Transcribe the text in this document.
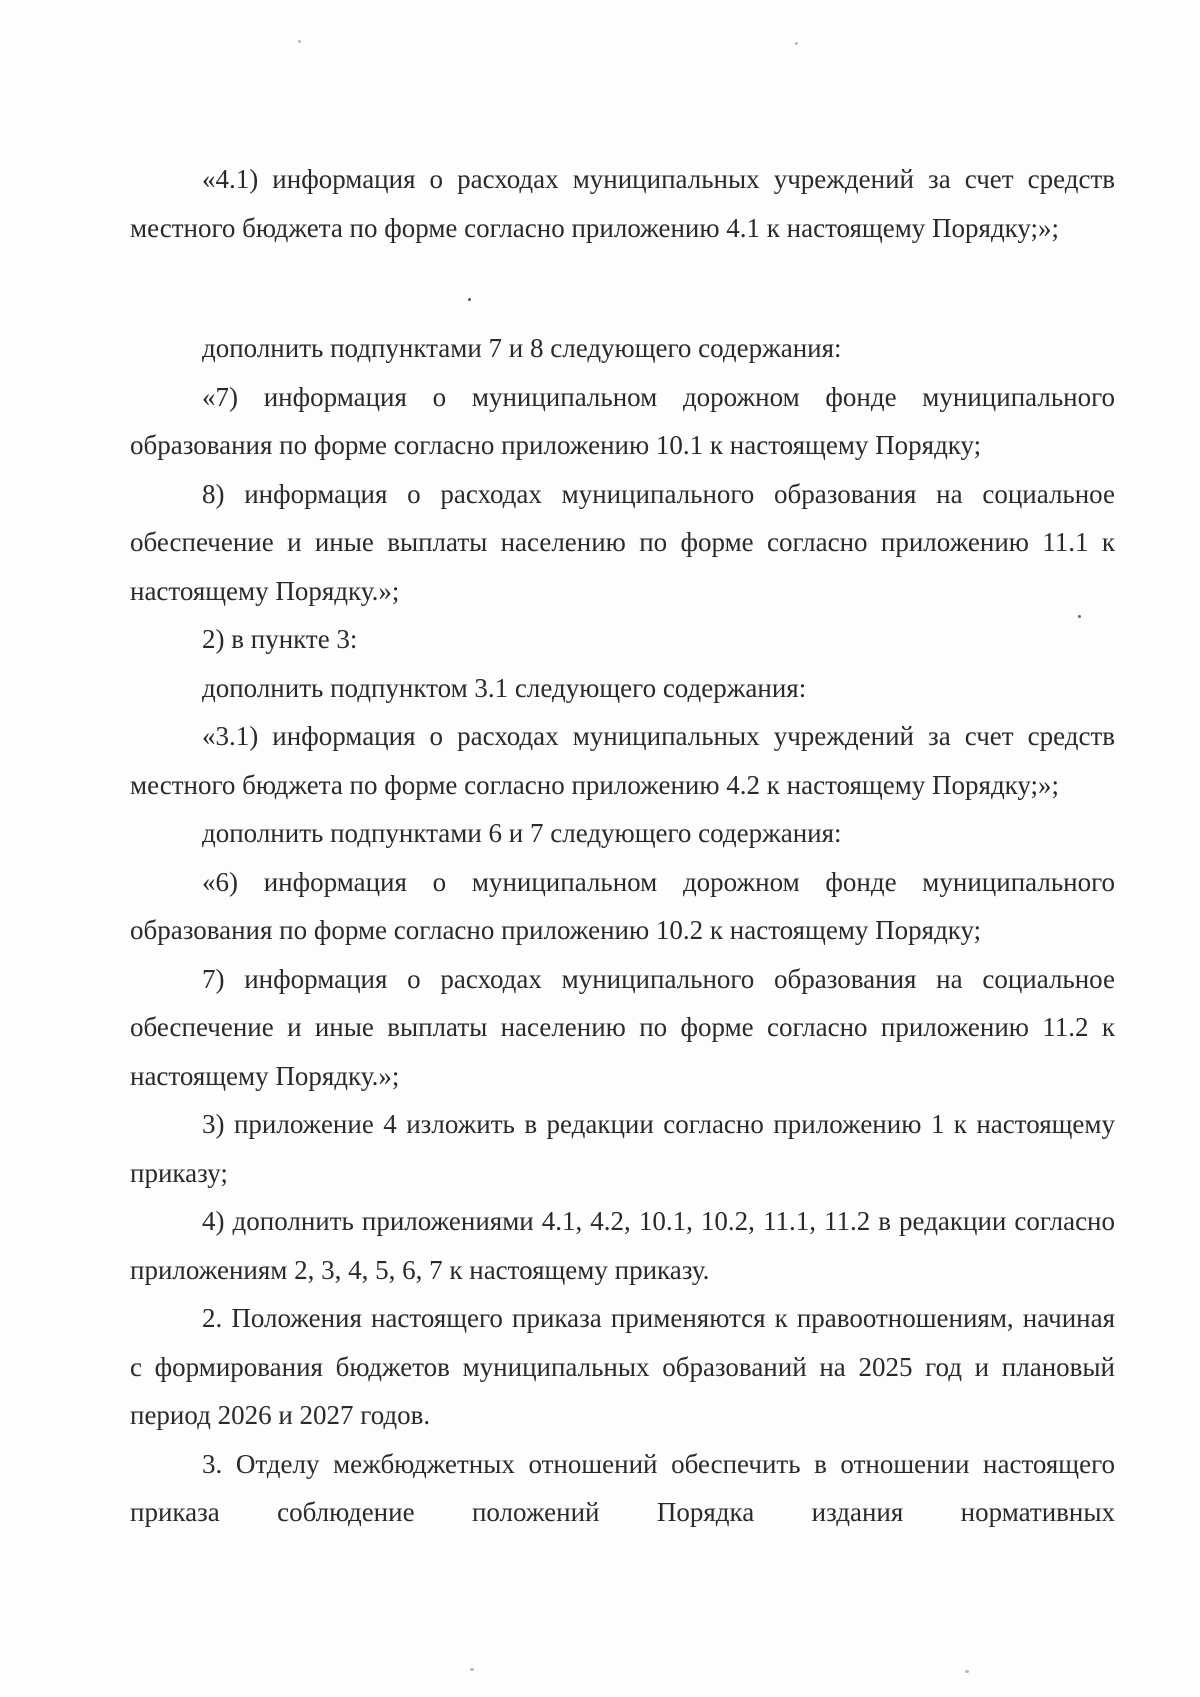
«4.1) информация о расходах муниципальных учреждений за счет средств местного бюджета по форме согласно приложению 4.1 к настоящему Порядку;»;

дополнить подпунктами 7 и 8 следующего содержания:

«7) информация о муниципальном дорожном фонде муниципального образования по форме согласно приложению 10.1 к настоящему Порядку;

8) информация о расходах муниципального образования на социальное обеспечение и иные выплаты населению по форме согласно приложению 11.1 к настоящему Порядку.»;

2) в пункте 3:

дополнить подпунктом 3.1 следующего содержания:

«3.1) информация о расходах муниципальных учреждений за счет средств местного бюджета по форме согласно приложению 4.2 к настоящему Порядку;»;

дополнить подпунктами 6 и 7 следующего содержания:

«6) информация о муниципальном дорожном фонде муниципального образования по форме согласно приложению 10.2 к настоящему Порядку;

7) информация о расходах муниципального образования на социальное обеспечение и иные выплаты населению по форме согласно приложению 11.2 к настоящему Порядку.»;

3) приложение 4 изложить в редакции согласно приложению 1 к настоящему приказу;

4) дополнить приложениями 4.1, 4.2, 10.1, 10.2, 11.1, 11.2 в редакции согласно приложениям 2, 3, 4, 5, 6, 7 к настоящему приказу.

2. Положения настоящего приказа применяются к правоотношениям, начиная с формирования бюджетов муниципальных образований на 2025 год и плановый период 2026 и 2027 годов.

3. Отделу межбюджетных отношений обеспечить в отношении настоящего приказа соблюдение положений Порядка издания нормативных
